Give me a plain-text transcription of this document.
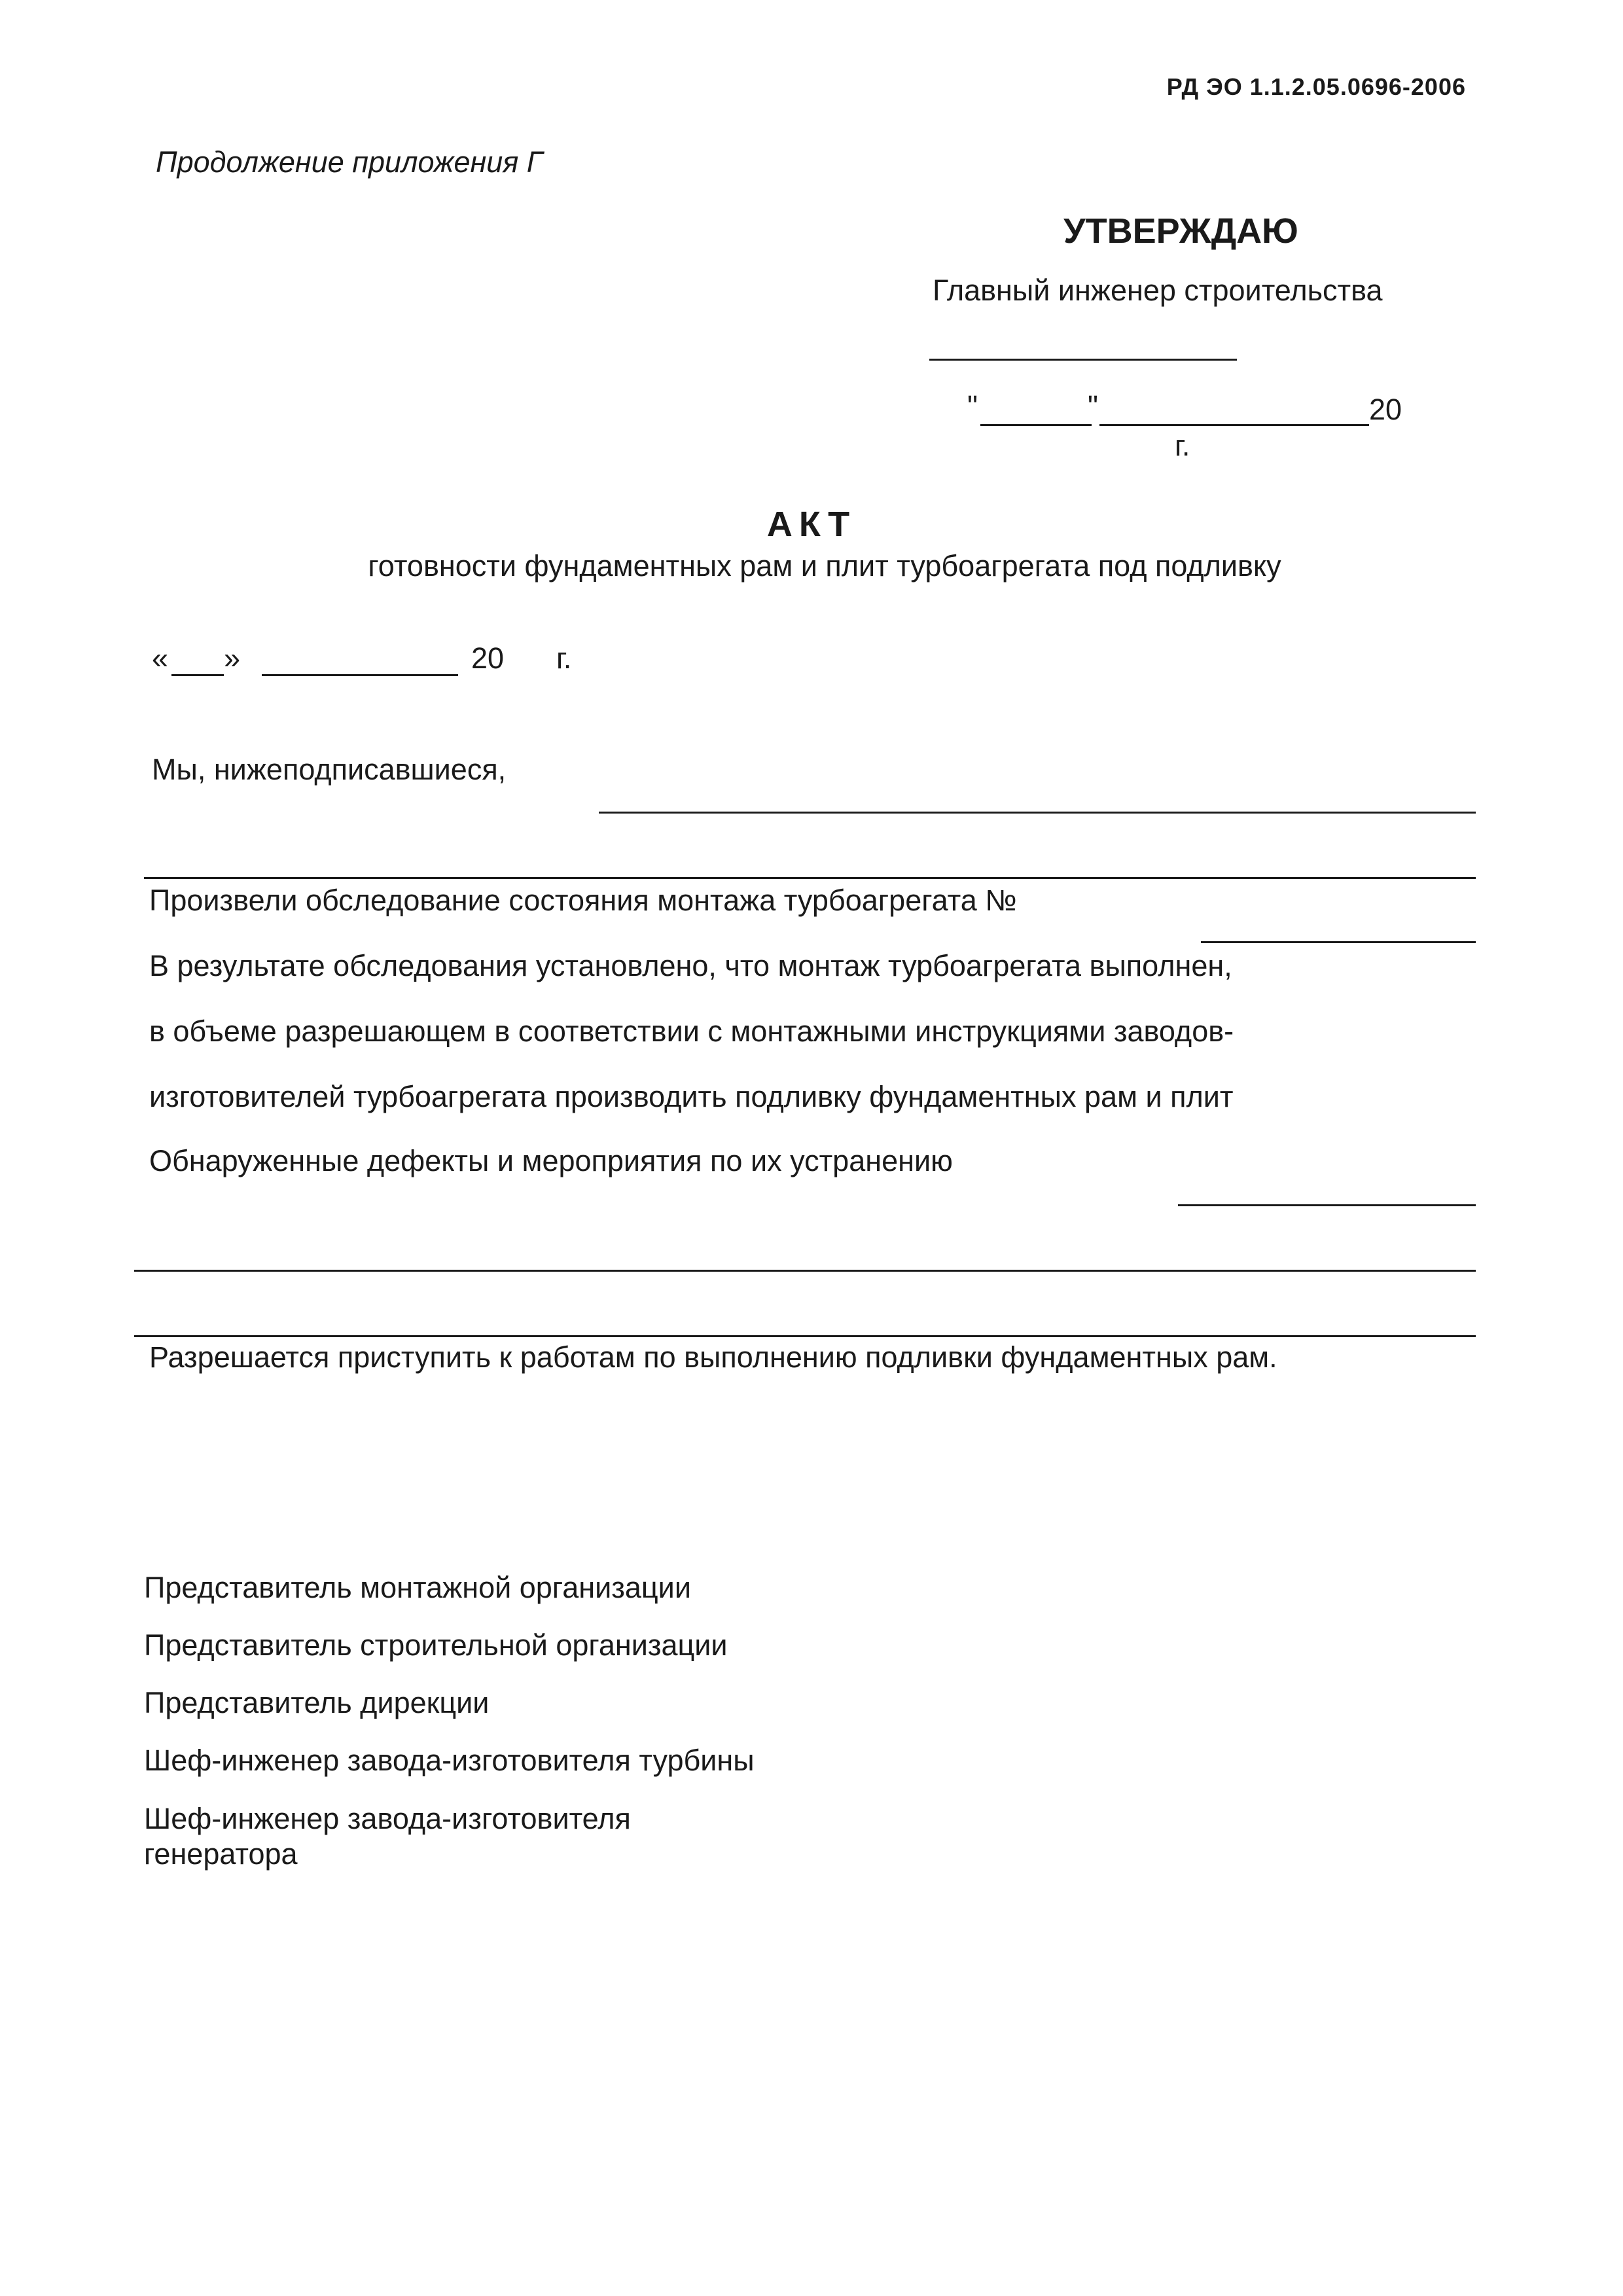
РД ЭО 1.1.2.05.0696-2006
Продолжение приложения Г
УТВЕРЖДАЮ
Главный инженер строительства
"	"	20
г.
АКТ
готовности фундаментных рам и плит турбоагрегата под подливку
« »	20 г.
Мы, нижеподписавшиеся,
Произвели обследование состояния монтажа турбоагрегата №
В результате обследования установлено, что монтаж турбоагрегата выполнен,
в объеме разрешающем в соответствии с монтажными инструкциями заводов-
изготовителей турбоагрегата производить подливку фундаментных рам и плит
Обнаруженные дефекты и мероприятия по их устранению
Разрешается приступить к работам по выполнению подливки фундаментных рам.
Представитель монтажной организации
Представитель строительной организации
Представитель дирекции
Шеф-инженер завода-изготовителя турбины
Шеф-инженер завода-изготовителя генератора
